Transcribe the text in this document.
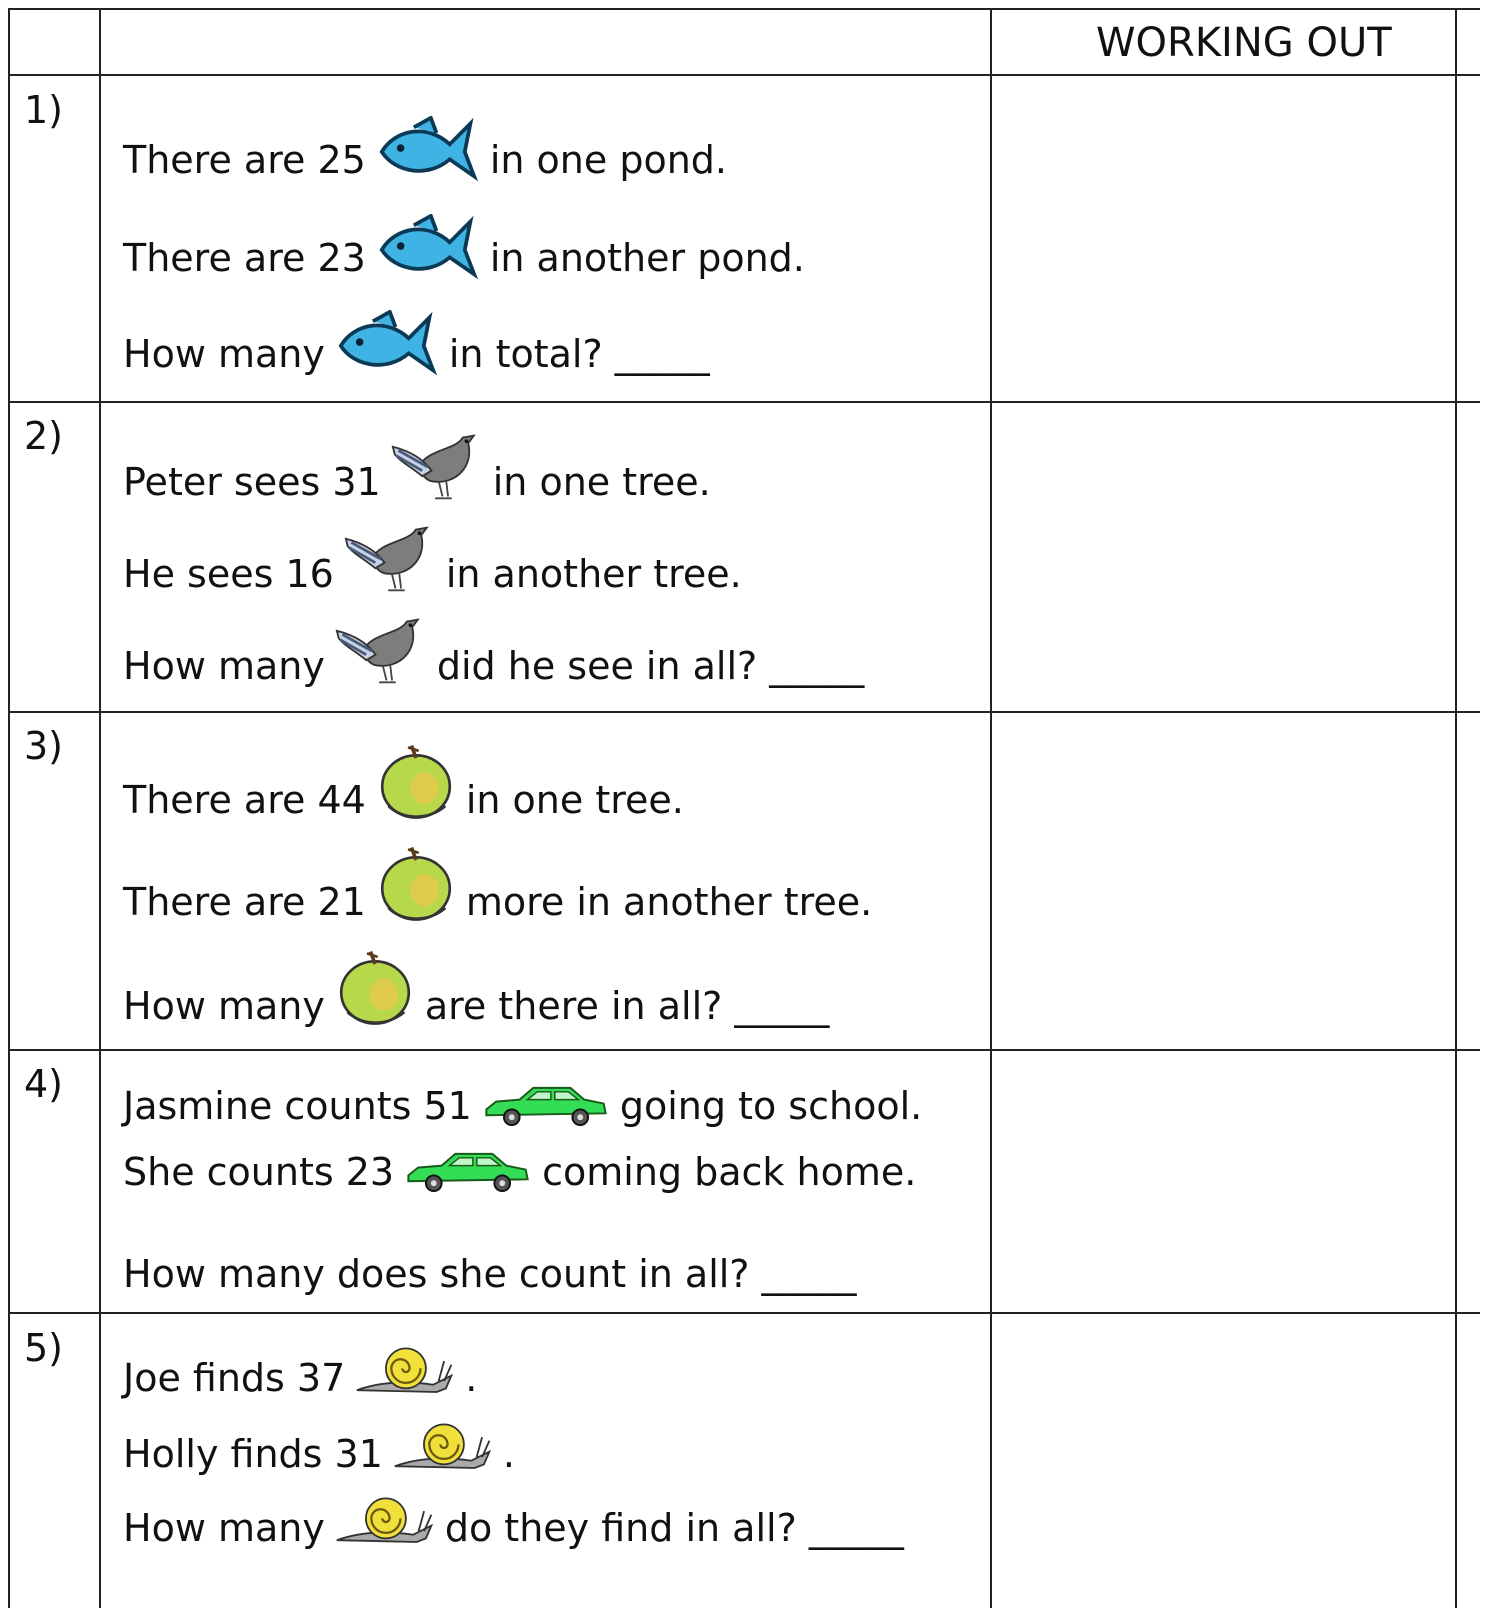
WORKING OUT
1)
There are 25	in one pond.
There are 23	in another pond.
How many	in total? _____
2)
Peter sees 31	in one tree.
He sees 16	in another tree.
How many	did he see in all? _____
3)
There are 44	in one tree.
There are 21	more in another tree.
How many	are there in all? _____
4) Jasmine counts 51	going to school.
She counts 23	coming back home.
How many does she count in all? _____
5)
Joe finds 37	.
Holly finds 31	.
How many	do they find in all? _____
